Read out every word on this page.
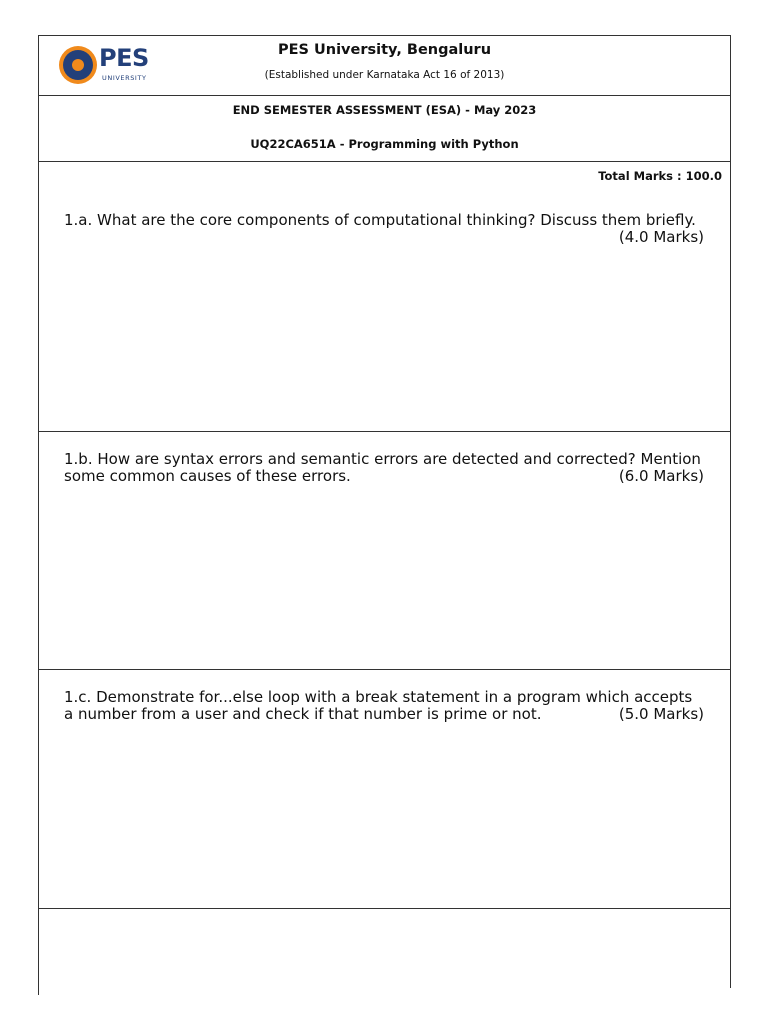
PES
UNIVERSITY
PES University, Bengaluru
(Established under Karnataka Act 16 of 2013)
END SEMESTER ASSESSMENT (ESA) - May 2023
UQ22CA651A - Programming with Python
Total Marks : 100.0
1.a. What are the core components of computational thinking? Discuss them briefly.
(4.0 Marks)
1.b. How are syntax errors and semantic errors are detected and corrected? Mention some common causes of these errors.	(6.0 Marks)
1.c. Demonstrate for...else loop with a break statement in a program which accepts a number from a user and check if that number is prime or not.	(5.0 Marks)
